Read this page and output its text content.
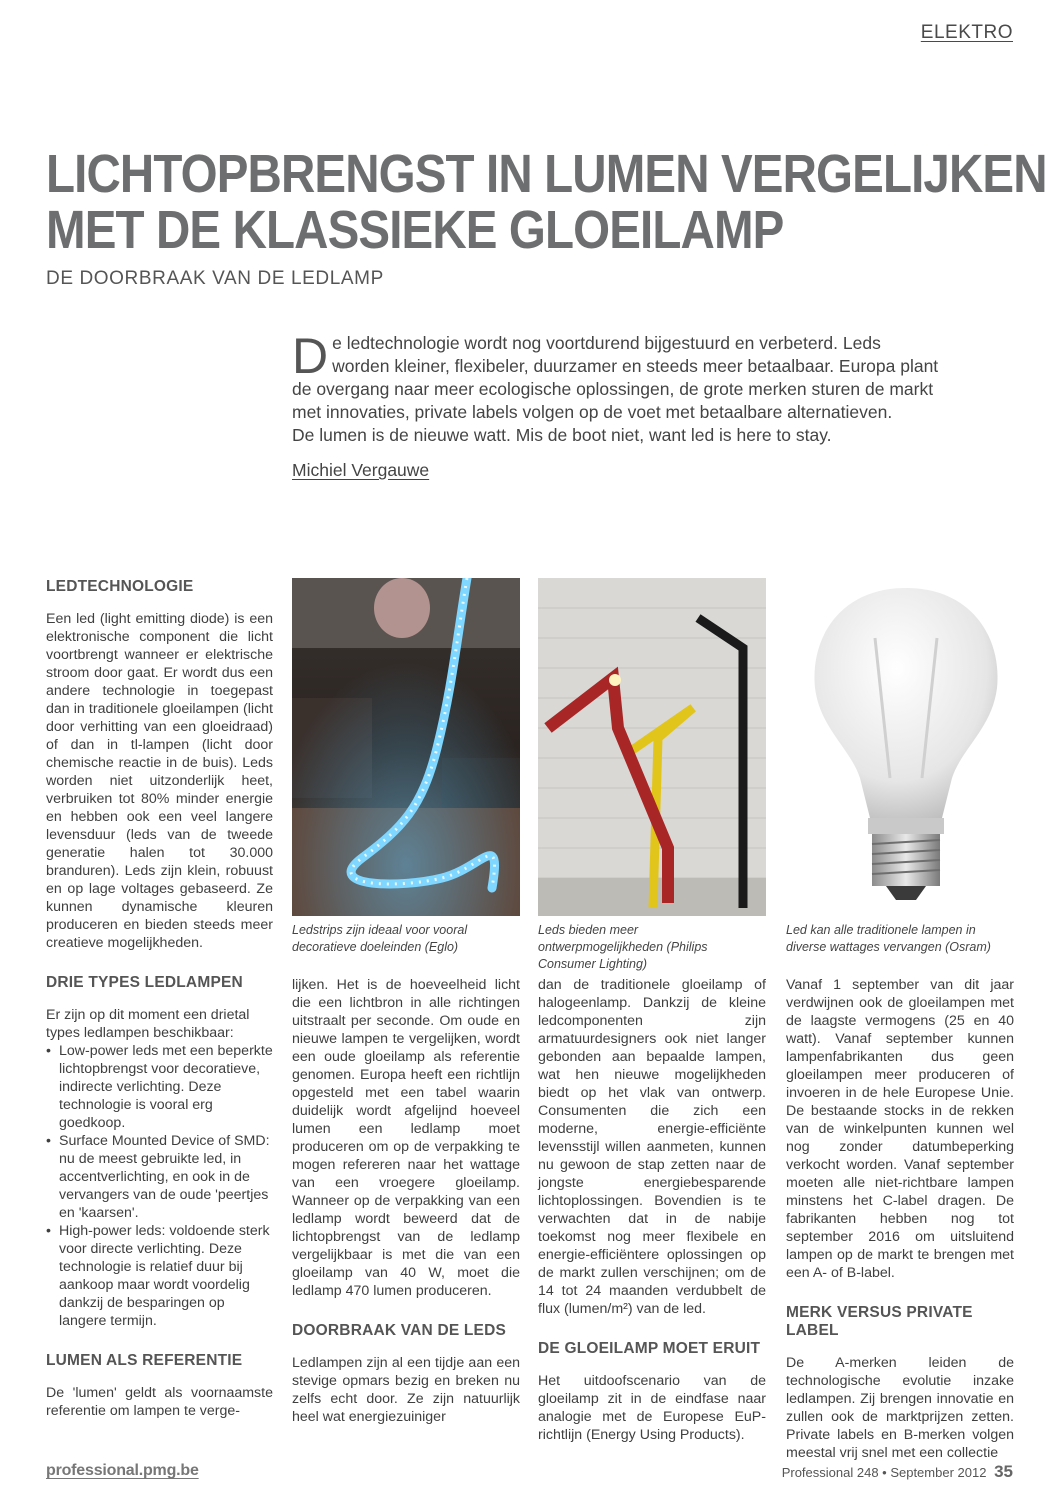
ELEKTRO
LICHTOPBRENGST IN LUMEN VERGELIJKEN
MET DE KLASSIEKE GLOEILAMP
DE DOORBRAAK VAN DE LEDLAMP
De ledtechnologie wordt nog voortdurend bijgestuurd en verbeterd. Leds worden kleiner, flexibeler, duurzamer en steeds meer betaalbaar. Europa plant de overgang naar meer ecologische oplossingen, de grote merken sturen de markt met innovaties, private labels volgen op de voet met betaalbare alternatieven.
De lumen is de nieuwe watt. Mis de boot niet, want led is here to stay.
Michiel Vergauwe
LEDTECHNOLOGIE

Een led (light emitting diode) is een elektronische component die licht voortbrengt wanneer er elektrische stroom door gaat. Er wordt dus een andere technologie in toegepast dan in traditionele gloeilampen (licht door verhitting van een gloeidraad) of dan in tl-lampen (licht door chemische reactie in de buis). Leds worden niet uitzonderlijk heet, verbruiken tot 80% minder energie en hebben ook een veel langere levensduur (leds van de tweede generatie halen tot 30.000 branduren). Leds zijn klein, robuust en op lage voltages gebaseerd. Ze kunnen dynamische kleuren produceren en bieden steeds meer creatieve mogelijkheden.

DRIE TYPES LEDLAMPEN

Er zijn op dit moment een drietal types ledlampen beschikbaar:

• Low-power leds met een beperkte lichtopbrengst voor decoratieve, indirecte verlichting. Deze technologie is vooral erg goedkoop.
• Surface Mounted Device of SMD: nu de meest gebruikte led, in accentverlichting, en ook in de vervangers van de oude 'peertjes en 'kaarsen'.
• High-power leds: voldoende sterk voor directe verlichting. Deze technologie is relatief duur bij aankoop maar wordt voordelig dankzij de besparingen op langere termijn.
LUMEN ALS REFERENTIE

De 'lumen' geldt als voornaamste referentie om lampen te verge-

Ledstrips zijn ideaal voor vooral decoratieve doeleinden (Eglo)
Leds bieden meer ontwerpmogelijkheden (Philips Consumer Lighting)
Led kan alle traditionele lampen in diverse wattages vervangen (Osram)

lijken. Het is de hoeveelheid licht die een lichtbron in alle richtingen uitstraalt per seconde. Om oude en nieuwe lampen te vergelijken, wordt een oude gloeilamp als referentie genomen. Europa heeft een richtlijn opgesteld met een tabel waarin duidelijk wordt afgelijnd hoeveel lumen een ledlamp moet produceren om op de verpakking te mogen refereren naar het wattage van een vroegere gloeilamp. Wanneer op de verpakking van een ledlamp wordt beweerd dat de lichtopbrengst van de ledlamp vergelijkbaar is met die van een gloeilamp van 40 W, moet die ledlamp 470 lumen produceren.

DOORBRAAK VAN DE LEDS

Ledlampen zijn al een tijdje aan een stevige opmars bezig en breken nu zelfs echt door. Ze zijn natuurlijk heel wat energiezuiniger

dan de traditionele gloeilamp of halogeenlamp. Dankzij de kleine ledcomponenten zijn armatuurdesigners ook niet langer gebonden aan bepaalde lampen, wat hen nieuwe mogelijkheden biedt op het vlak van ontwerp. Consumenten die zich een moderne, energie-efficiënte levensstijl willen aanmeten, kunnen nu gewoon de stap zetten naar de jongste energiebesparende lichtoplossingen. Bovendien is te verwachten dat in de nabije toekomst nog meer flexibele en energie-efficiëntere oplossingen op de markt zullen verschijnen; om de 14 tot 24 maanden verdubbelt de flux (lumen/m²) van de led.

DE GLOEILAMP MOET ERUIT

Het uitdoofscenario van de gloeilamp zit in de eindfase naar analogie met de Europese EuP-richtlijn (Energy Using Products).

Vanaf 1 september van dit jaar verdwijnen ook de gloeilampen met de laagste vermogens (25 en 40 watt). Vanaf september kunnen lampenfabrikanten dus geen gloeilampen meer produceren of invoeren in de hele Europese Unie. De bestaande stocks in de rekken van de winkelpunten kunnen wel nog zonder datumbeperking verkocht worden. Vanaf september moeten alle niet-richtbare lampen minstens het C-label dragen. De fabrikanten hebben nog tot september 2016 om uitsluitend lampen op de markt te brengen met een A- of B-label.

MERK VERSUS PRIVATE LABEL

De A-merken leiden de technologische evolutie inzake ledlampen. Zij brengen innovatie en zullen ook de marktprijzen zetten. Private labels en B-merken volgen meestal vrij snel met een collectie

professional.pmg.be	Professional 248 • September 2012 35
